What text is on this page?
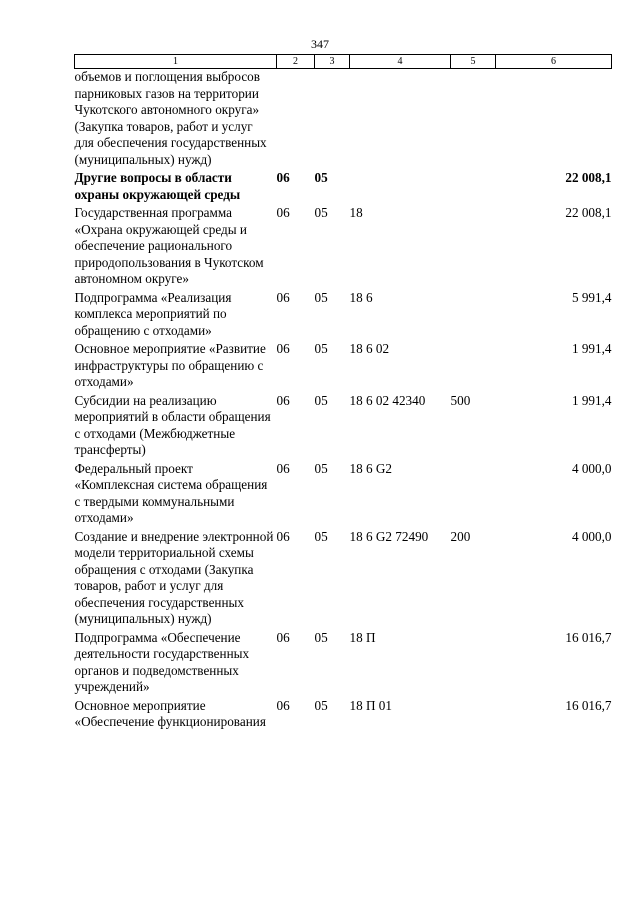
347
1	2	3	4	5	6
объемов и поглощения выбросов парниковых газов на территории Чукотского автономного округа» (Закупка товаров, работ и услуг для обеспечения государственных (муниципальных) нужд)					

Другие вопросы в области охраны окружающей среды	06	05			22 008,1

Государственная программа «Охрана окружающей среды и обеспечение рационального природопользования в Чукотском автономном округе»	06	05	18		22 008,1

Подпрограмма «Реализация комплекса мероприятий по обращению с отходами»	06	05	18 6		5 991,4

Основное мероприятие «Развитие инфраструктуры по обращению с отходами»	06	05	18 6 02		1 991,4

Субсидии на реализацию мероприятий в области обращения с отходами (Межбюджетные трансферты)	06	05	18 6 02 42340	500	1 991,4

Федеральный проект «Комплексная система обращения с твердыми коммунальными отходами»	06	05	18 6 G2		4 000,0

Создание и внедрение электронной модели территориальной схемы обращения с отходами (Закупка товаров, работ и услуг для обеспечения государственных (муниципальных) нужд)	06	05	18 6 G2 72490	200	4 000,0

Подпрограмма «Обеспечение деятельности государственных органов и подведомственных учреждений»	06	05	18 П		16 016,7

Основное мероприятие «Обеспечение функционирования	06	05	18 П 01		16 016,7
